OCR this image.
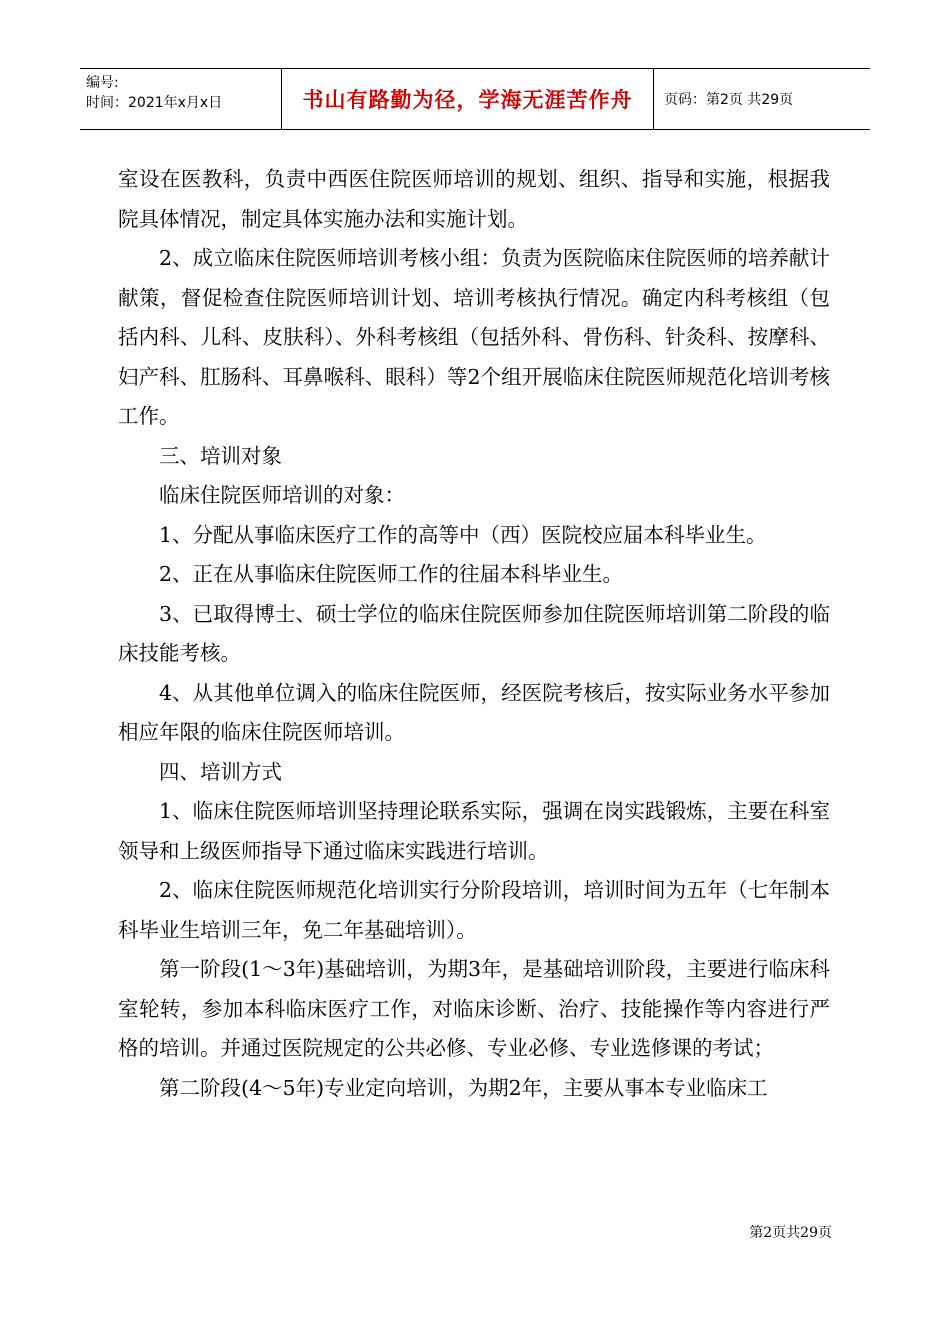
编号:
时间：2021年x月x日	书山有路勤为径，学海无涯苦作舟	页码：第2页 共29页

室设在医教科，负责中西医住院医师培训的规划、组织、指导和实施，根据我院具体情况，制定具体实施办法和实施计划。

2、成立临床住院医师培训考核小组：负责为医院临床住院医师的培养献计献策，督促检查住院医师培训计划、培训考核执行情况。确定内科考核组（包括内科、儿科、皮肤科）、外科考核组（包括外科、骨伤科、针灸科、按摩科、妇产科、肛肠科、耳鼻喉科、眼科）等2个组开展临床住院医师规范化培训考核工作。

三、培训对象

临床住院医师培训的对象：

1、分配从事临床医疗工作的高等中（西）医院校应届本科毕业生。

2、正在从事临床住院医师工作的往届本科毕业生。

3、已取得博士、硕士学位的临床住院医师参加住院医师培训第二阶段的临床技能考核。

4、从其他单位调入的临床住院医师，经医院考核后，按实际业务水平参加相应年限的临床住院医师培训。

四、培训方式

1、临床住院医师培训坚持理论联系实际，强调在岗实践锻炼，主要在科室领导和上级医师指导下通过临床实践进行培训。

2、临床住院医师规范化培训实行分阶段培训，培训时间为五年（七年制本科毕业生培训三年，免二年基础培训）。

第一阶段(1～3年)基础培训，为期3年，是基础培训阶段，主要进行临床科室轮转，参加本科临床医疗工作，对临床诊断、治疗、技能操作等内容进行严格的培训。并通过医院规定的公共必修、专业必修、专业选修课的考试；

第二阶段(4～5年)专业定向培训，为期2年，主要从事本专业临床工

第2页共29页
